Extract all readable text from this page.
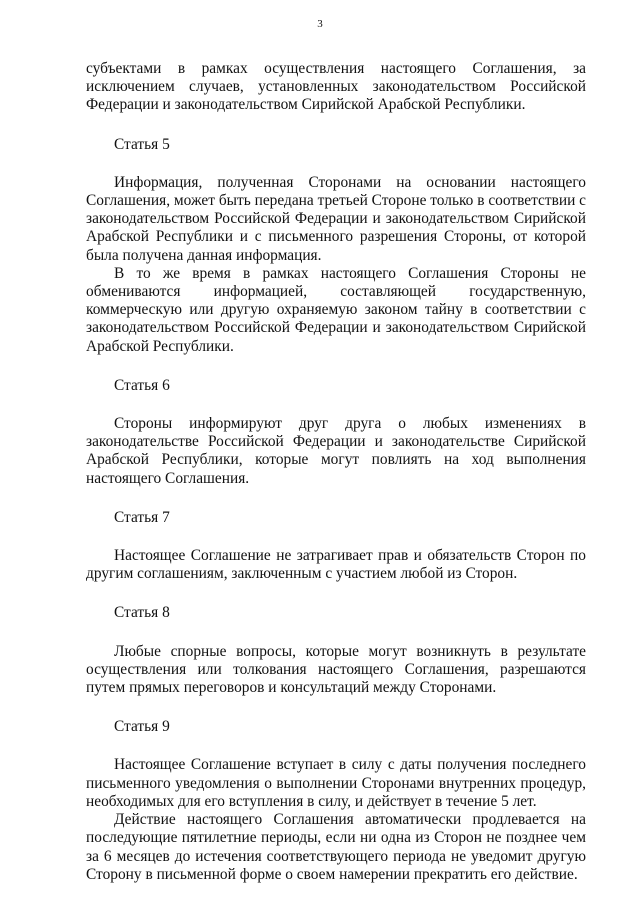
3

субъектами в рамках осуществления настоящего Соглашения, за исключением случаев, установленных законодательством Российской Федерации и законодательством Сирийской Арабской Республики.

Статья 5

Информация, полученная Сторонами на основании настоящего Соглашения, может быть передана третьей Стороне только в соответствии с законодательством Российской Федерации и законодательством Сирийской Арабской Республики и с письменного разрешения Стороны, от которой была получена данная информация.

В то же время в рамках настоящего Соглашения Стороны не обмениваются информацией, составляющей государственную, коммерческую или другую охраняемую законом тайну в соответствии с законодательством Российской Федерации и законодательством Сирийской Арабской Республики.

Статья 6

Стороны информируют друг друга о любых изменениях в законодательстве Российской Федерации и законодательстве Сирийской Арабской Республики, которые могут повлиять на ход выполнения настоящего Соглашения.

Статья 7

Настоящее Соглашение не затрагивает прав и обязательств Сторон по другим соглашениям, заключенным с участием любой из Сторон.

Статья 8

Любые спорные вопросы, которые могут возникнуть в результате осуществления или толкования настоящего Соглашения, разрешаются путем прямых переговоров и консультаций между Сторонами.

Статья 9

Настоящее Соглашение вступает в силу с даты получения последнего письменного уведомления о выполнении Сторонами внутренних процедур, необходимых для его вступления в силу, и действует в течение 5 лет.

Действие настоящего Соглашения автоматически продлевается на последующие пятилетние периоды, если ни одна из Сторон не позднее чем за 6 месяцев до истечения соответствующего периода не уведомит другую Сторону в письменной форме о своем намерении прекратить его действие.
